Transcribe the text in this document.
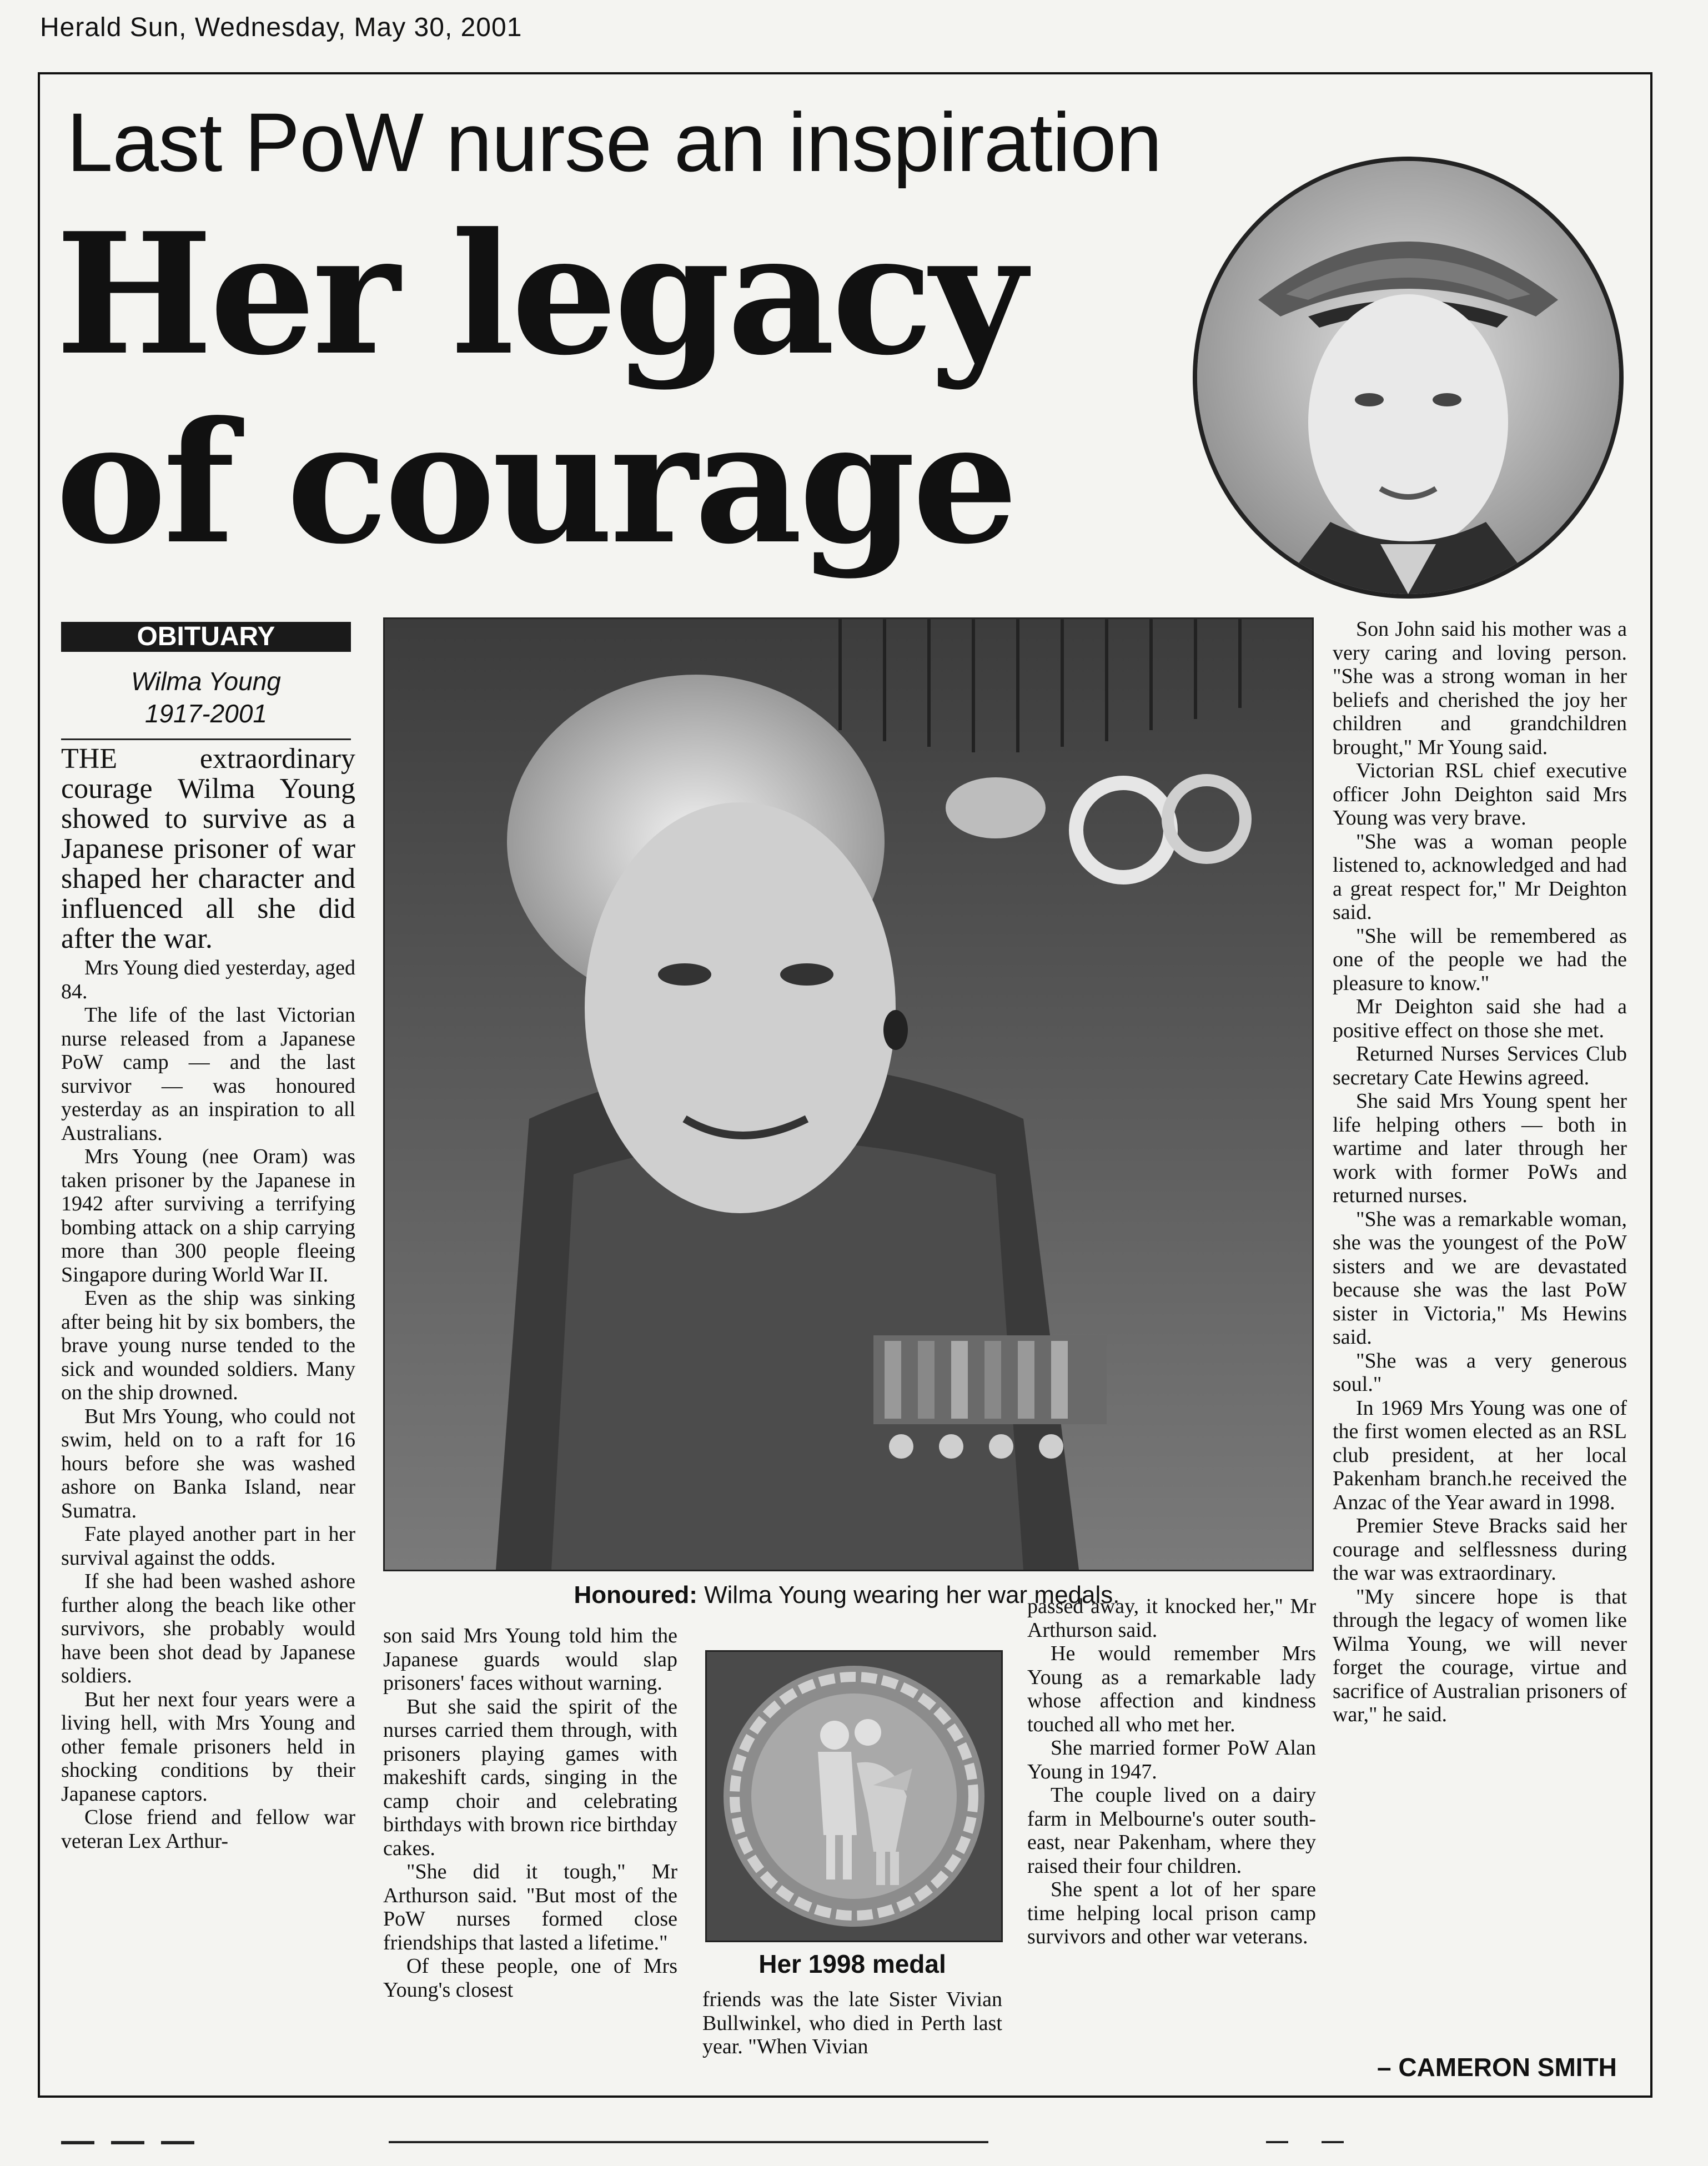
Herald Sun, Wednesday, May 30, 2001
Last PoW nurse an inspiration
Her legacy
of courage
OBITUARY
Wilma Young
1917-2001

THE extraordinary courage Wilma Young showed to survive as a Japanese prisoner of war shaped her character and influenced all she did after the war.

Mrs Young died yesterday, aged 84.

The life of the last Victorian nurse released from a Japanese PoW camp — and the last survivor — was honoured yesterday as an inspiration to all Australians.

Mrs Young (nee Oram) was taken prisoner by the Japanese in 1942 after surviving a terrifying bombing attack on a ship carrying more than 300 people fleeing Singapore during World War II.

Even as the ship was sinking after being hit by six bombers, the brave young nurse tended to the sick and wounded soldiers. Many on the ship drowned.

But Mrs Young, who could not swim, held on to a raft for 16 hours before she was washed ashore on Banka Island, near Sumatra.

Fate played another part in her survival against the odds.

If she had been washed ashore further along the beach like other survivors, she probably would have been shot dead by Japanese soldiers.

But her next four years were a living hell, with Mrs Young and other female prisoners held in shocking conditions by their Japanese captors.

Close friend and fellow war veteran Lex Arthur-

Honoured: Wilma Young wearing her war medals.

son said Mrs Young told him the Japanese guards would slap prisoners' faces without warning.

But she said the spirit of the nurses carried them through, with prisoners playing games with makeshift cards, singing in the camp choir and celebrating birthdays with brown rice birthday cakes.

"She did it tough," Mr Arthurson said. "But most of the PoW nurses formed close friendships that lasted a lifetime."

Of these people, one of Mrs Young's closest

Her 1998 medal

friends was the late Sister Vivian Bullwinkel, who died in Perth last year. "When Vivian

passed away, it knocked her," Mr Arthurson said.

He would remember Mrs Young as a remarkable lady whose affection and kindness touched all who met her.

She married former PoW Alan Young in 1947.

The couple lived on a dairy farm in Melbourne's outer south-east, near Pakenham, where they raised their four children.

She spent a lot of her spare time helping local prison camp survivors and other war veterans.

Son John said his mother was a very caring and loving person. "She was a strong woman in her beliefs and cherished the joy her children and grandchildren brought," Mr Young said.

Victorian RSL chief executive officer John Deighton said Mrs Young was very brave.

"She was a woman people listened to, acknowledged and had a great respect for," Mr Deighton said.

"She will be remembered as one of the people we had the pleasure to know."

Mr Deighton said she had a positive effect on those she met.

Returned Nurses Services Club secretary Cate Hewins agreed.

She said Mrs Young spent her life helping others — both in wartime and later through her work with former PoWs and returned nurses.

"She was a remarkable woman, she was the youngest of the PoW sisters and we are devastated because she was the last PoW sister in Victoria," Ms Hewins said.

"She was a very generous soul."

In 1969 Mrs Young was one of the first women elected as an RSL club president, at her local Pakenham branch.he received the Anzac of the Year award in 1998.

Premier Steve Bracks said her courage and selflessness during the war was extraordinary.

"My sincere hope is that through the legacy of women like Wilma Young, we will never forget the courage, virtue and sacrifice of Australian prisoners of war," he said.

– CAMERON SMITH
